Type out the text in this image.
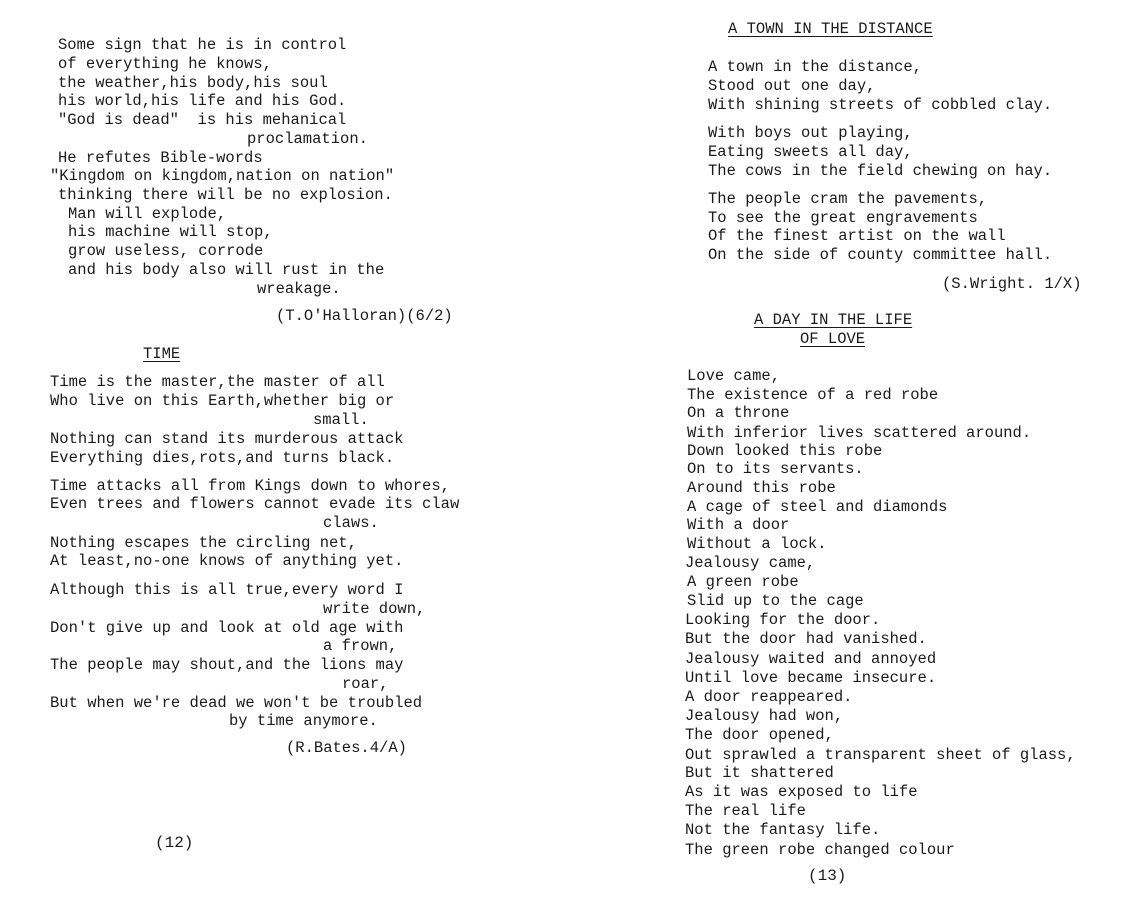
Some sign that he is in control
of everything he knows,
the weather,his body,his soul
his world,his life and his God.
"God is dead"  is his mehanical
proclamation.
He refutes Bible-words
"Kingdom on kingdom,nation on nation"
thinking there will be no explosion.
Man will explode,
his machine will stop,
grow useless, corrode
and his body also will rust in the
wreakage.
(T.O'Halloran)(6/2)
TIME
Time is the master,the master of all
Who live on this Earth,whether big or
small.
Nothing can stand its murderous attack
Everything dies,rots,and turns black.
Time attacks all from Kings down to whores,
Even trees and flowers cannot evade its claw
claws.
Nothing escapes the circling net,
At least,no-one knows of anything yet.
Although this is all true,every word I
write down,
Don't give up and look at old age with
a frown,
The people may shout,and the lions may
roar,
But when we're dead we won't be troubled
by time anymore.
(R.Bates.4/A)
(12)
A TOWN IN THE DISTANCE
A town in the distance,
Stood out one day,
With shining streets of cobbled clay.
With boys out playing,
Eating sweets all day,
The cows in the field chewing on hay.
The people cram the pavements,
To see the great engravements
Of the finest artist on the wall
On the side of county committee hall.
(S.Wright. 1/X)
A DAY IN THE LIFE
OF LOVE
Love came,
The existence of a red robe
On a throne
With inferior lives scattered around.
Down looked this robe
On to its servants.
Around this robe
A cage of steel and diamonds
With a door
Without a lock.
Jealousy came,
A green robe
Slid up to the cage
Looking for the door.
But the door had vanished.
Jealousy waited and annoyed
Until love became insecure.
A door reappeared.
Jealousy had won,
The door opened,
Out sprawled a transparent sheet of glass,
But it shattered
As it was exposed to life
The real life
Not the fantasy life.
The green robe changed colour
(13)
